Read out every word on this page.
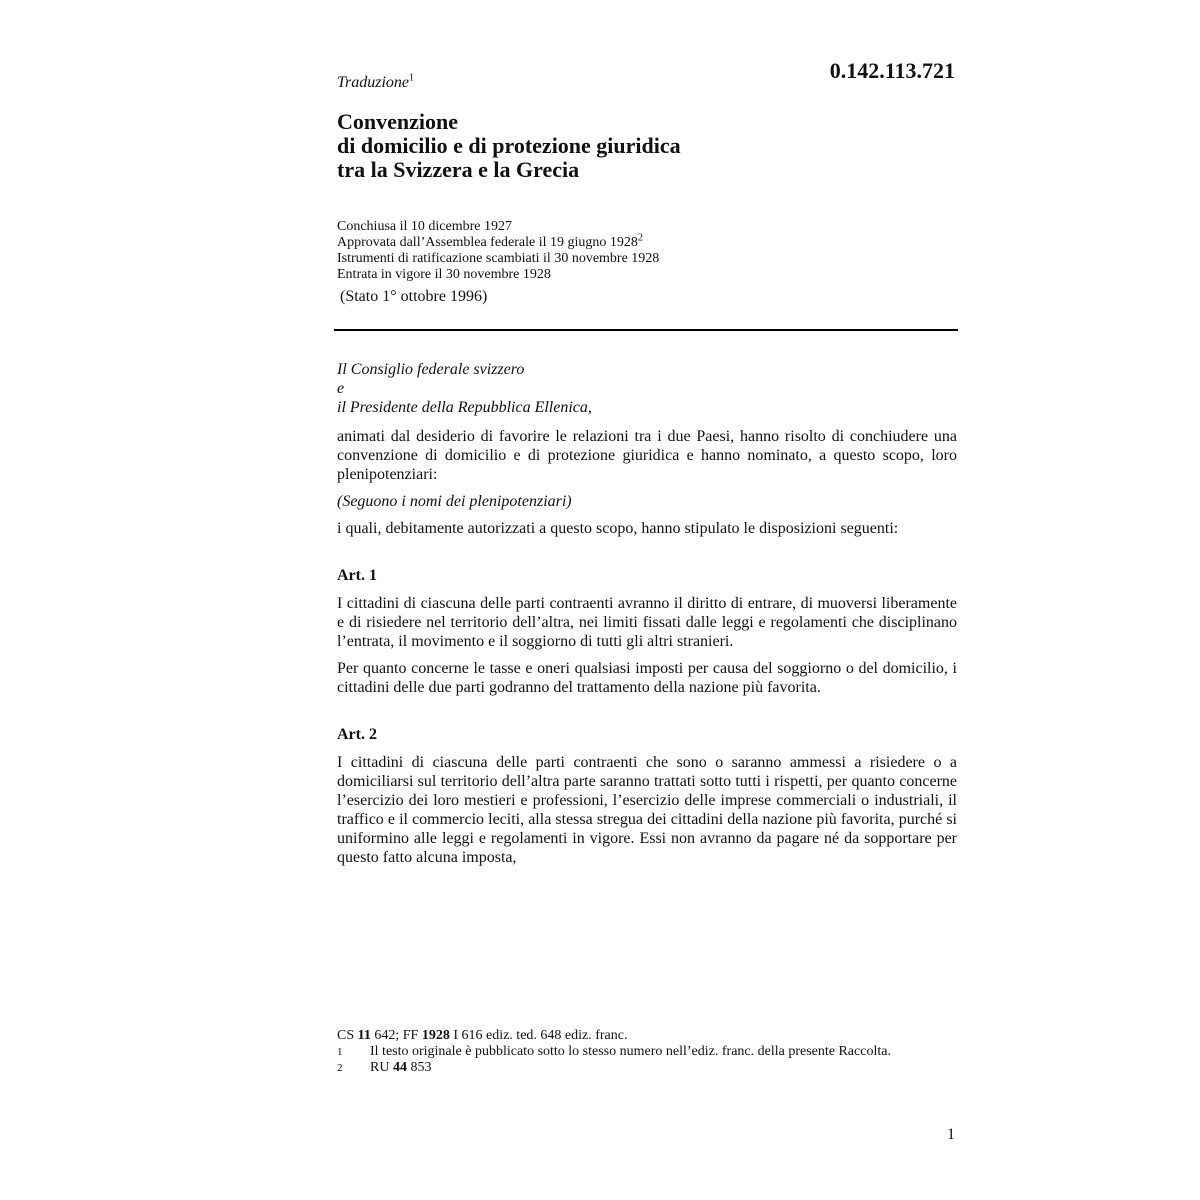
Traduzione$^1$	0.142.113.721
Convenzione
di domicilio e di protezione giuridica
tra la Svizzera e la Grecia
Conchiusa il 10 dicembre 1927
Approvata dall’Assemblea federale il 19 giugno 1928$^2$
Istrumenti di ratificazione scambiati il 30 novembre 1928
Entrata in vigore il 30 novembre 1928
(Stato 1° ottobre 1996)

Il Consiglio federale svizzero

e

il Presidente della Repubblica Ellenica,

animati dal desiderio di favorire le relazioni tra i due Paesi, hanno risolto di conchiudere una convenzione di domicilio e di protezione giuridica e hanno nominato, a questo scopo, loro plenipotenziari:

(Seguono i nomi dei plenipotenziari)

i quali, debitamente autorizzati a questo scopo, hanno stipulato le disposizioni seguenti:

Art. 1

I cittadini di ciascuna delle parti contraenti avranno il diritto di entrare, di muoversi liberamente e di risiedere nel territorio dell’altra, nei limiti fissati dalle leggi e regolamenti che disciplinano l’entrata, il movimento e il soggiorno di tutti gli altri stranieri.

Per quanto concerne le tasse e oneri qualsiasi imposti per causa del soggiorno o del domicilio, i cittadini delle due parti godranno del trattamento della nazione più favorita.

Art. 2

I cittadini di ciascuna delle parti contraenti che sono o saranno ammessi a risiedere o a domiciliarsi sul territorio dell’altra parte saranno trattati sotto tutti i rispetti, per quanto concerne l’esercizio dei loro mestieri e professioni, l’esercizio delle imprese commerciali o industriali, il traffico e il commercio leciti, alla stessa stregua dei cittadini della nazione più favorita, purché si uniformino alle leggi e regolamenti in vigore. Essi non avranno da pagare né da sopportare per questo fatto alcuna imposta,

CS 11 642; FF 1928 I 616 ediz. ted. 648 ediz. franc.
1	Il testo originale è pubblicato sotto lo stesso numero nell’ediz. franc. della presente Raccolta.
2	RU 44 853
1
